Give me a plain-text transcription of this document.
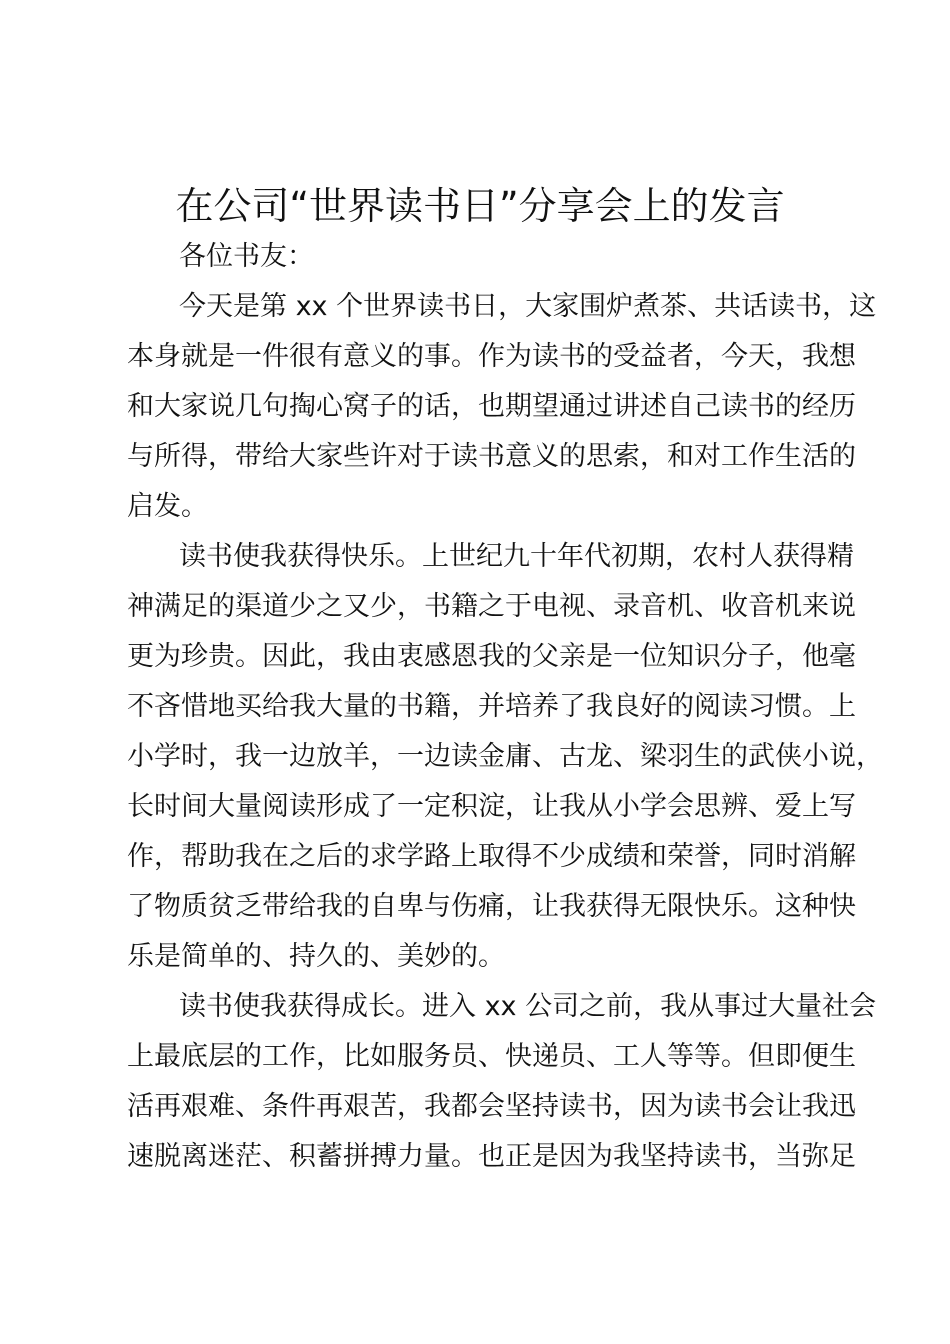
在公司“世界读书日”分享会上的发言
各位书友：
今天是第 xx 个世界读书日，大家围炉煮茶、共话读书，这
本身就是一件很有意义的事。作为读书的受益者，今天，我想
和大家说几句掏心窝子的话，也期望通过讲述自己读书的经历
与所得，带给大家些许对于读书意义的思索，和对工作生活的
启发。
读书使我获得快乐。上世纪九十年代初期，农村人获得精
神满足的渠道少之又少，书籍之于电视、录音机、收音机来说
更为珍贵。因此，我由衷感恩我的父亲是一位知识分子，他毫
不吝惜地买给我大量的书籍，并培养了我良好的阅读习惯。上
小学时，我一边放羊，一边读金庸、古龙、梁羽生的武侠小说，
长时间大量阅读形成了一定积淀，让我从小学会思辨、爱上写
作，帮助我在之后的求学路上取得不少成绩和荣誉，同时消解
了物质贫乏带给我的自卑与伤痛，让我获得无限快乐。这种快
乐是简单的、持久的、美妙的。
读书使我获得成长。进入 xx 公司之前，我从事过大量社会
上最底层的工作，比如服务员、快递员、工人等等。但即便生
活再艰难、条件再艰苦，我都会坚持读书，因为读书会让我迅
速脱离迷茫、积蓄拼搏力量。也正是因为我坚持读书，当弥足
